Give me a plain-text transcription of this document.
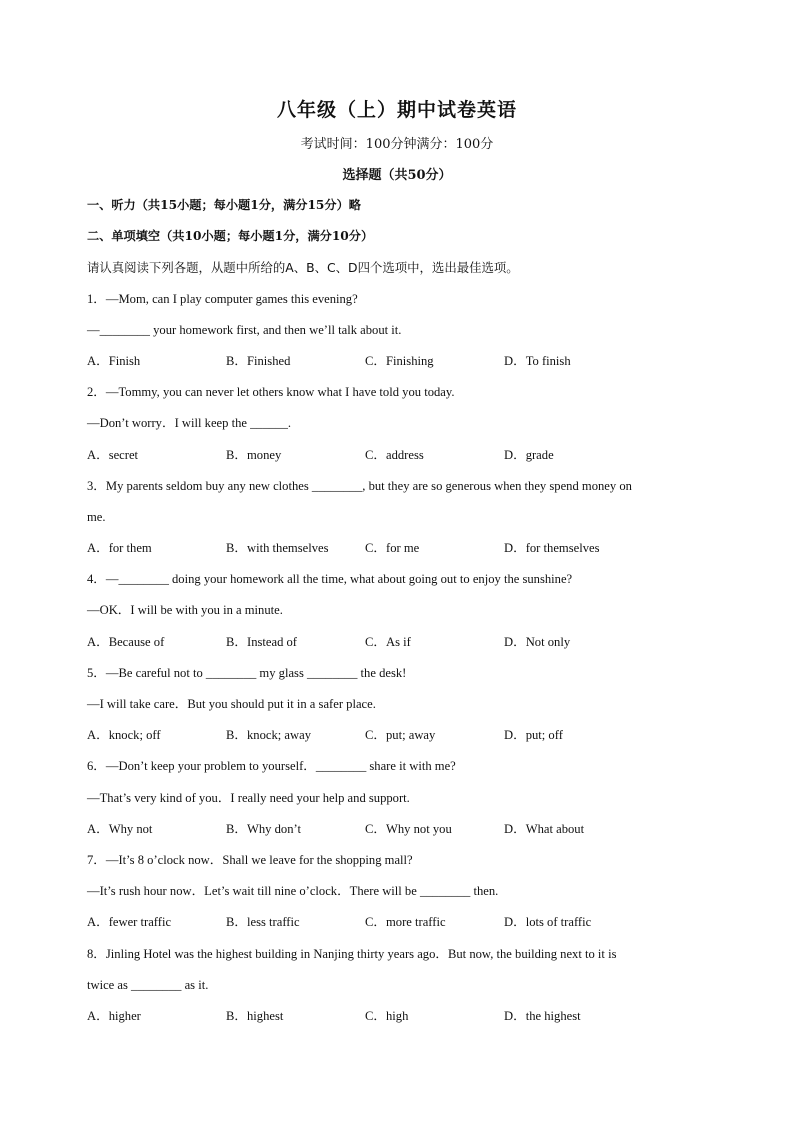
八年级（上）期中试卷英语
考试时间：100分钟满分：100分
选择题（共50分）
一、听力（共15小题；每小题1分，满分15分）略
二、单项填空（共10小题；每小题1分，满分10分）
请认真阅读下列各题，从题中所给的A、B、C、D四个选项中，选出最佳选项。
1．—Mom, can I play computer games this evening?
—________ your homework first, and then we’ll talk about it.
A．Finish	B．Finished	C．Finishing	D．To finish
2．—Tommy, you can never let others know what I have told you today.
—Don’t worry．I will keep the ______.
A．secret	B．money	C．address	D．grade
3．My parents seldom buy any new clothes ________, but they are so generous when they spend money on
me.
A．for them	B．with themselves	C．for me	D．for themselves
4．—________ doing your homework all the time, what about going out to enjoy the sunshine?
—OK．I will be with you in a minute.
A．Because of	B．Instead of	C．As if	D．Not only
5．—Be careful not to ________ my glass ________ the desk!
—I will take care．But you should put it in a safer place.
A．knock; off	B．knock; away	C．put; away	D．put; off
6．—Don’t keep your problem to yourself．________ share it with me?
—That’s very kind of you．I really need your help and support.
A．Why not	B．Why don’t	C．Why not you	D．What about
7．—It’s 8 o’clock now．Shall we leave for the shopping mall?
—It’s rush hour now．Let’s wait till nine o’clock．There will be ________ then.
A．fewer traffic	B．less traffic	C．more traffic	D．lots of traffic
8．Jinling Hotel was the highest building in Nanjing thirty years ago．But now, the building next to it is
twice as ________ as it.
A．higher	B．highest	C．high	D．the highest
